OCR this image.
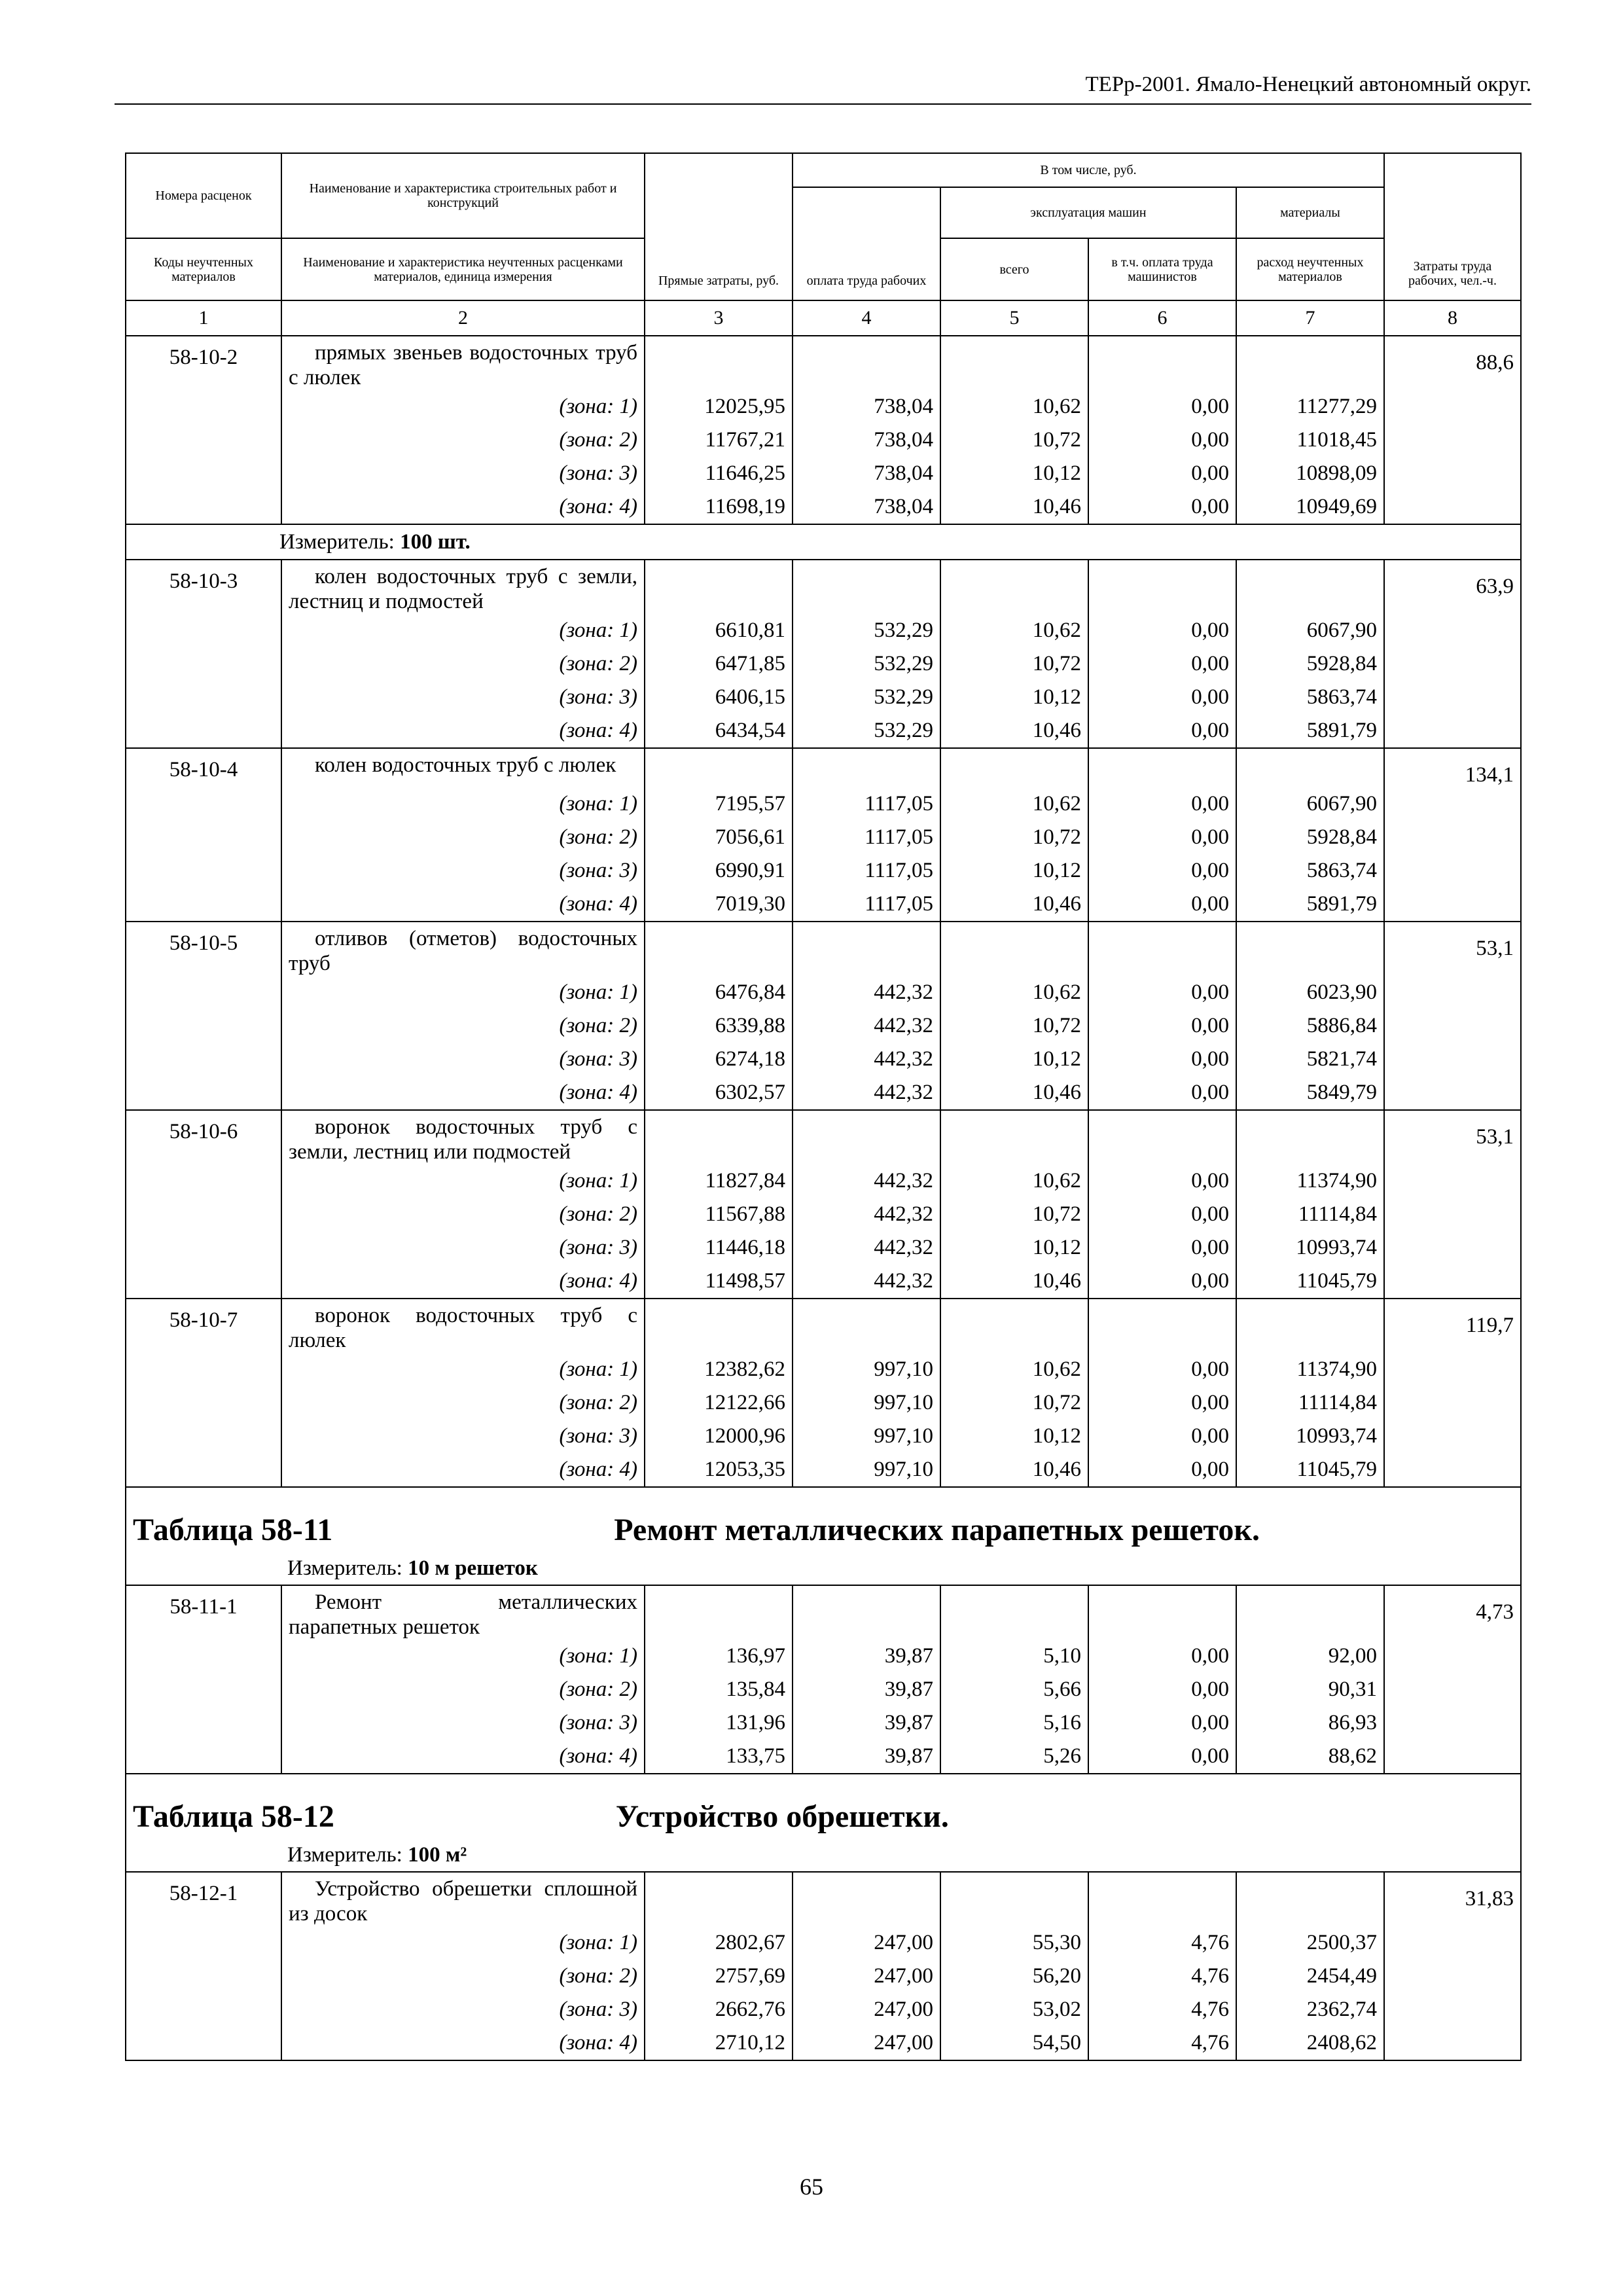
ТЕРр-2001. Ямало-Ненецкий автономный округ.
Номера расценок	Наименование и характеристика строительных работ и конструкций	Прямые затраты, руб.	В том числе, руб.				Затраты труда рабочих, чел.-ч.
			оплата труда рабочих	эксплуатация машин		материалы	
Коды неучтенных материалов	Наименование и характеристика неучтенных расценками материалов, единица измерения			всего	в т.ч. оплата труда машинистов	расход неучтенных материалов	
1	2	3	4	5	6	7	8
58-10-2	прямых звеньев водосточных труб с люлек						88,6
	(зона: 1)	12025,95	738,04	10,62	0,00	11277,29	
	(зона: 2)	11767,21	738,04	10,72	0,00	11018,45	
	(зона: 3)	11646,25	738,04	10,12	0,00	10898,09	
	(зона: 4)	11698,19	738,04	10,46	0,00	10949,69	
Измеритель: 100 шт.							
58-10-3	колен водосточных труб с земли, лестниц и подмостей						63,9
	(зона: 1)	6610,81	532,29	10,62	0,00	6067,90	
	(зона: 2)	6471,85	532,29	10,72	0,00	5928,84	
	(зона: 3)	6406,15	532,29	10,12	0,00	5863,74	
	(зона: 4)	6434,54	532,29	10,46	0,00	5891,79	
58-10-4	колен водосточных труб с люлек						134,1
	(зона: 1)	7195,57	1117,05	10,62	0,00	6067,90	
	(зона: 2)	7056,61	1117,05	10,72	0,00	5928,84	
	(зона: 3)	6990,91	1117,05	10,12	0,00	5863,74	
	(зона: 4)	7019,30	1117,05	10,46	0,00	5891,79	
58-10-5	отливов (отметов) водосточных труб						53,1
	(зона: 1)	6476,84	442,32	10,62	0,00	6023,90	
	(зона: 2)	6339,88	442,32	10,72	0,00	5886,84	
	(зона: 3)	6274,18	442,32	10,12	0,00	5821,74	
	(зона: 4)	6302,57	442,32	10,46	0,00	5849,79	
58-10-6	воронок водосточных труб с земли, лестниц или подмостей						53,1
	(зона: 1)	11827,84	442,32	10,62	0,00	11374,90	
	(зона: 2)	11567,88	442,32	10,72	0,00	11114,84	
	(зона: 3)	11446,18	442,32	10,12	0,00	10993,74	
	(зона: 4)	11498,57	442,32	10,46	0,00	11045,79	
58-10-7	воронок водосточных труб с люлек						119,7
	(зона: 1)	12382,62	997,10	10,62	0,00	11374,90	
	(зона: 2)	12122,66	997,10	10,72	0,00	11114,84	
	(зона: 3)	12000,96	997,10	10,12	0,00	10993,74	
	(зона: 4)	12053,35	997,10	10,46	0,00	11045,79	
Таблица 58-11 Ремонт металлических парапетных решеток.							
Измеритель: 10 м решеток							
58-11-1	Ремонт металлических парапетных решеток						4,73
	(зона: 1)	136,97	39,87	5,10	0,00	92,00	
	(зона: 2)	135,84	39,87	5,66	0,00	90,31	
	(зона: 3)	131,96	39,87	5,16	0,00	86,93	
	(зона: 4)	133,75	39,87	5,26	0,00	88,62	
Таблица 58-12 Устройство обрешетки.							
Измеритель: 100 м²							
58-12-1	Устройство обрешетки сплошной из досок						31,83
	(зона: 1)	2802,67	247,00	55,30	4,76	2500,37	
	(зона: 2)	2757,69	247,00	56,20	4,76	2454,49	
	(зона: 3)	2662,76	247,00	53,02	4,76	2362,74	
	(зона: 4)	2710,12	247,00	54,50	4,76	2408,62	
65
